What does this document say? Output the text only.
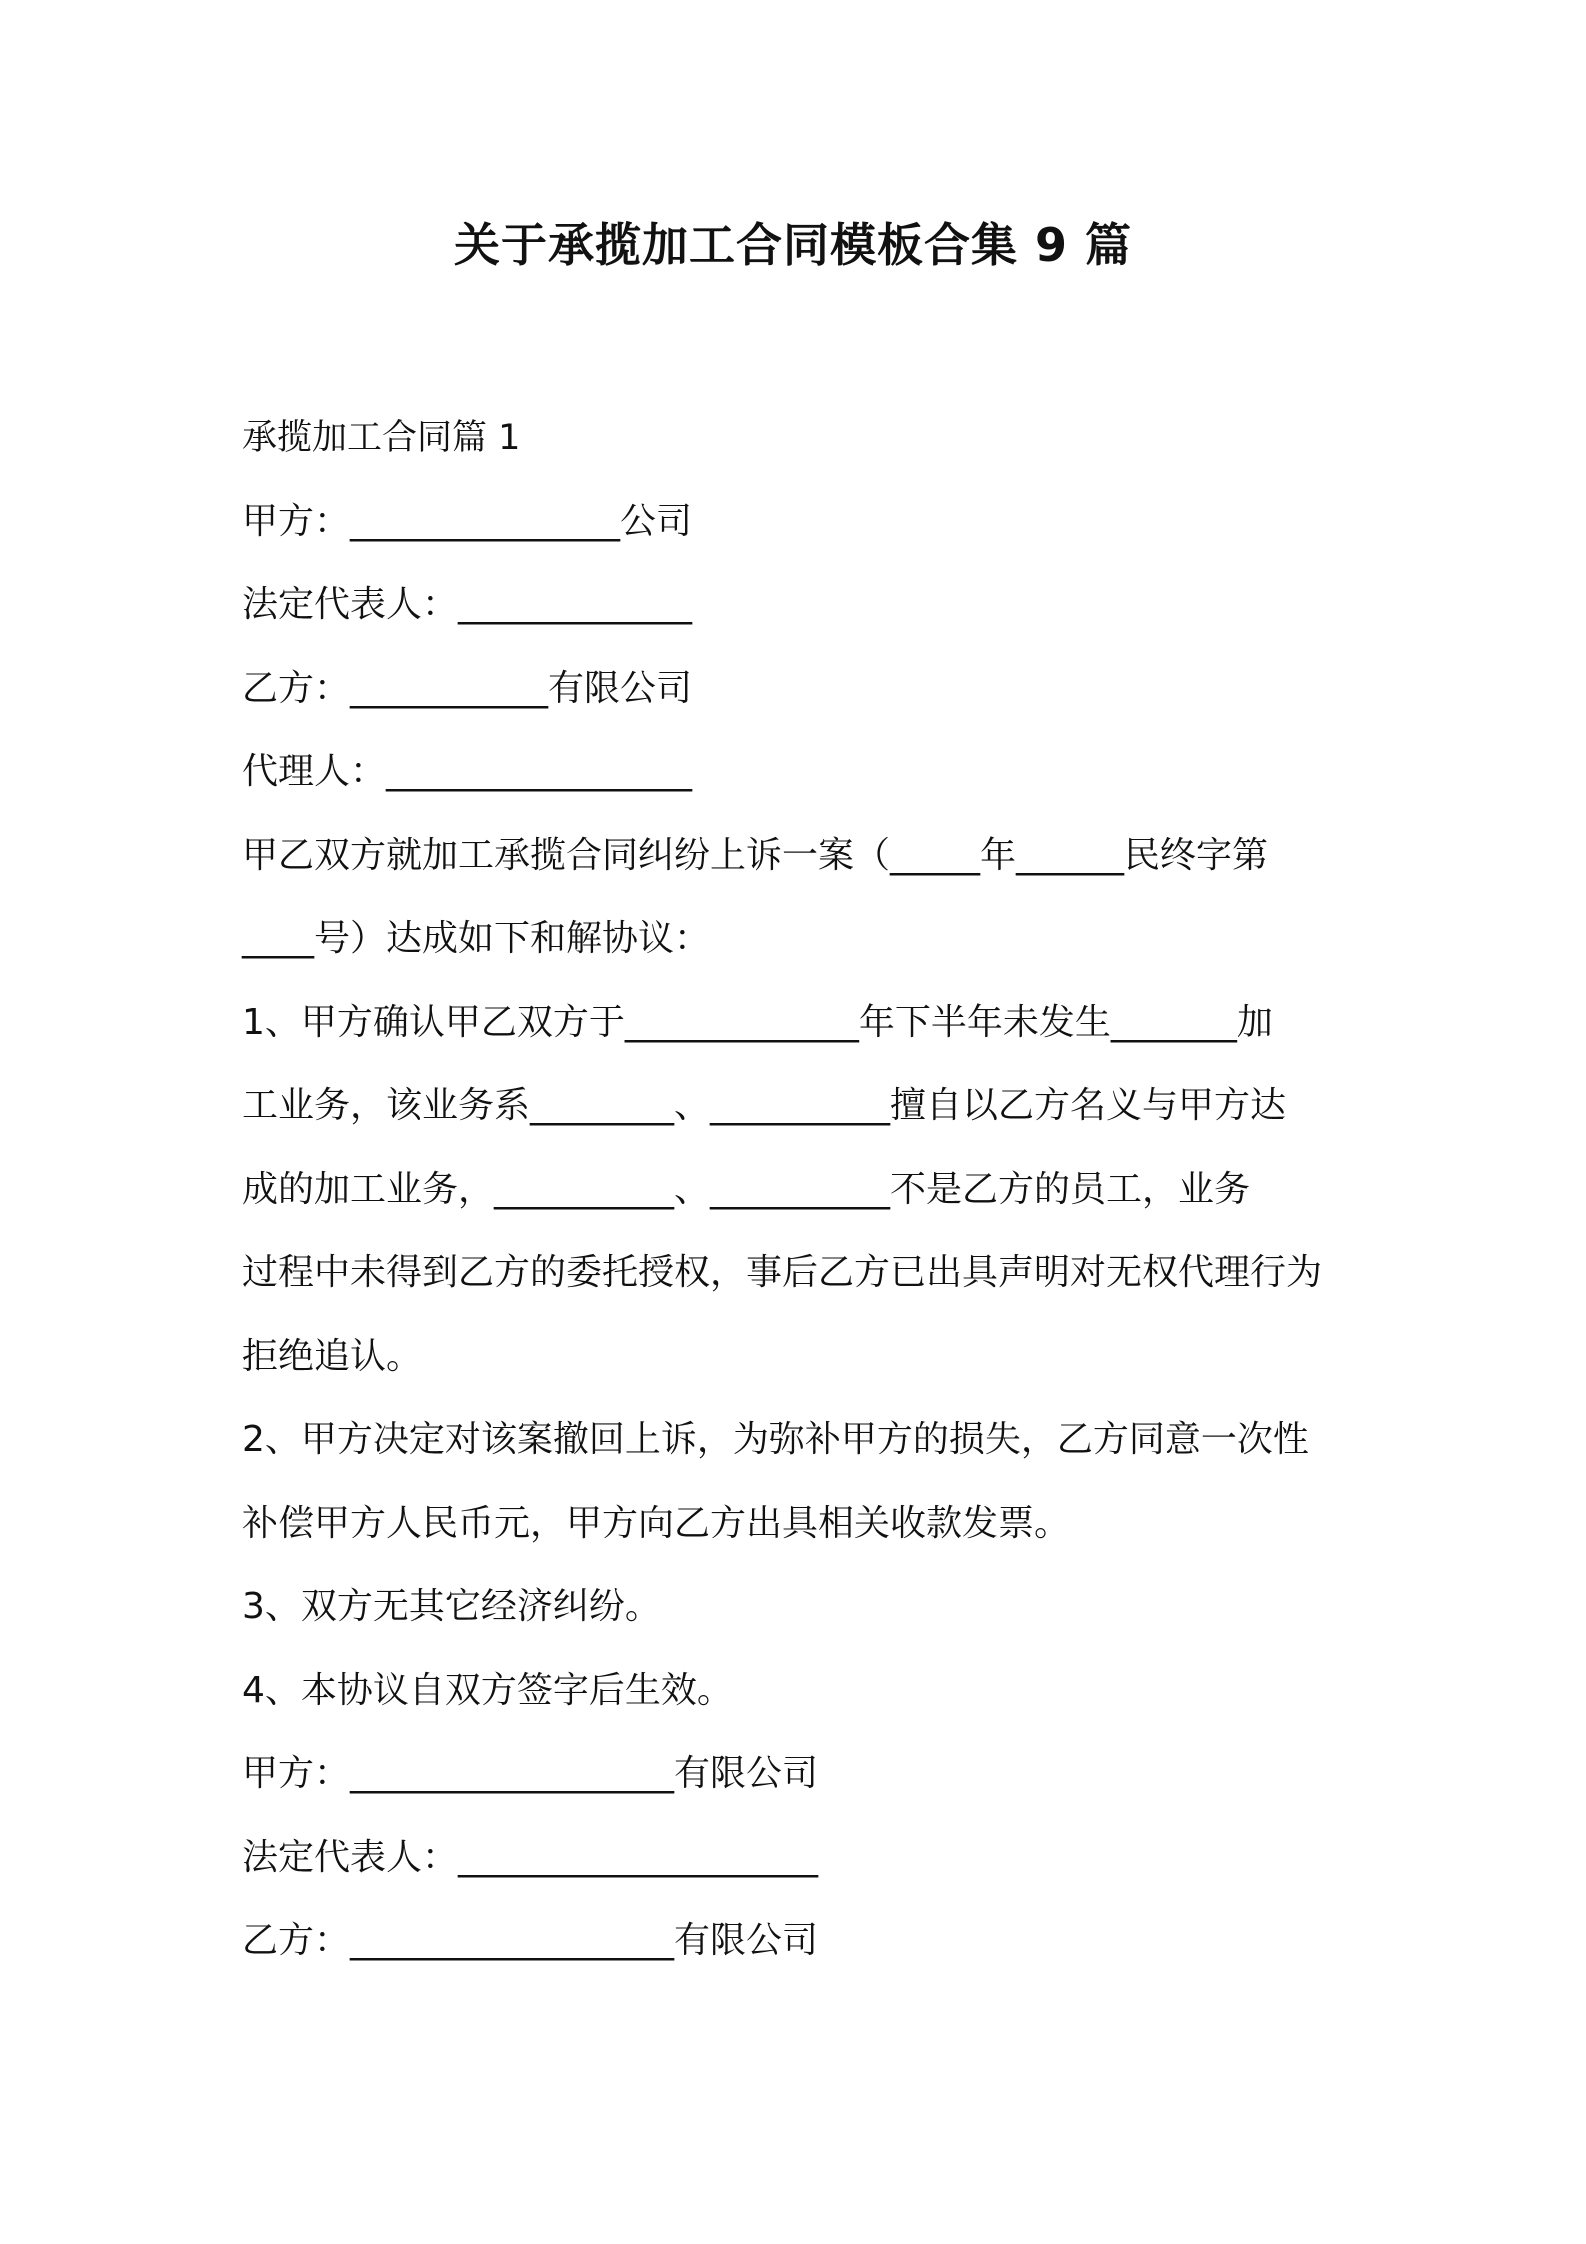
关于承揽加工合同模板合集 9 篇
承揽加工合同篇 1
甲方：_______________公司
法定代表人：_____________
乙方：___________有限公司
代理人：_________________
甲乙双方就加工承揽合同纠纷上诉一案（_____年______民终字第
____号）达成如下和解协议：
1、甲方确认甲乙双方于_____________年下半年未发生_______加
工业务，该业务系________、__________擅自以乙方名义与甲方达
成的加工业务，__________、__________不是乙方的员工，业务
过程中未得到乙方的委托授权，事后乙方已出具声明对无权代理行为
拒绝追认。
2、甲方决定对该案撤回上诉，为弥补甲方的损失，乙方同意一次性
补偿甲方人民币元，甲方向乙方出具相关收款发票。
3、双方无其它经济纠纷。
4、本协议自双方签字后生效。
甲方：__________________有限公司
法定代表人：____________________
乙方：__________________有限公司
